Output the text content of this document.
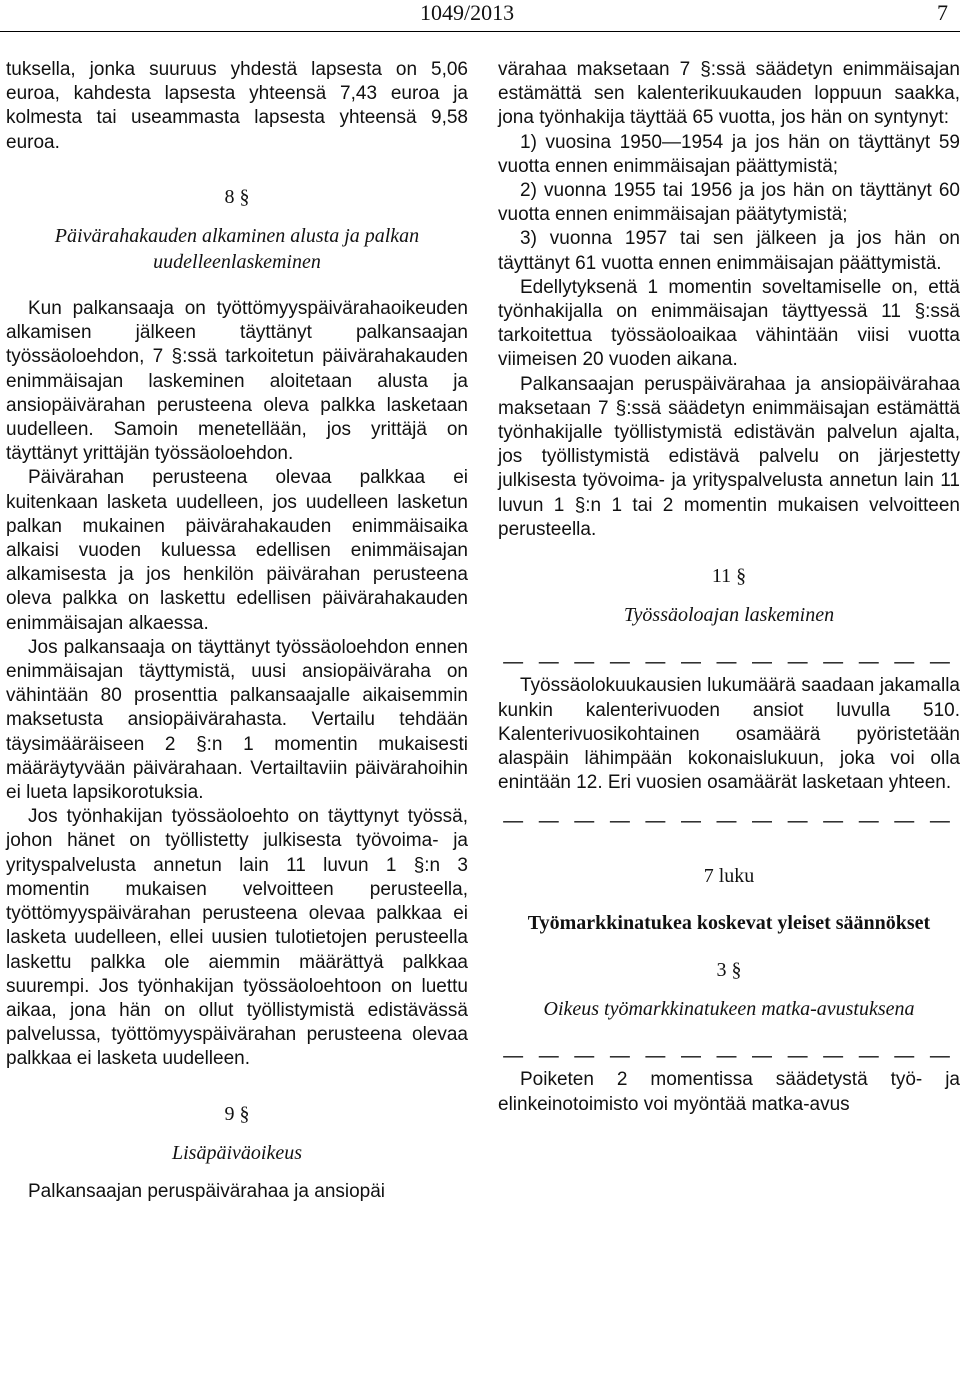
1049/2013	7

tuksella, jonka suuruus yhdestä lapsesta on 5,06 euroa, kahdesta lapsesta yhteensä 7,43 euroa ja kolmesta tai useammasta lapsesta yhteensä 9,58 euroa.

8 §

Päivärahakauden alkaminen alusta ja palkan uudelleenlaskeminen

Kun palkansaaja on työttömyyspäivärahaoikeuden alkamisen jälkeen täyttänyt palkansaajan työssäoloehdon, 7 §:ssä tarkoitetun päivärahakauden enimmäisajan laskeminen aloitetaan alusta ja ansiopäivärahan perusteena oleva palkka lasketaan uudelleen. Samoin menetellään, jos yrittäjä on täyttänyt yrittäjän työssäoloehdon.

Päivärahan perusteena olevaa palkkaa ei kuitenkaan lasketa uudelleen, jos uudelleen lasketun palkan mukainen päivärahakauden enimmäisaika alkaisi vuoden kuluessa edellisen enimmäisajan alkamisesta ja jos henkilön päivärahan perusteena oleva palkka on laskettu edellisen päivärahakauden enimmäisajan alkaessa.

Jos palkansaaja on täyttänyt työssäoloehdon ennen enimmäisajan täyttymistä, uusi ansiopäiväraha on vähintään 80 prosenttia palkansaajalle aikaisemmin maksetusta ansiopäivärahasta. Vertailu tehdään täysimääräiseen 2 §:n 1 momentin mukaisesti määräytyvään päivärahaan. Vertailtaviin päivärahoihin ei lueta lapsikorotuksia.

Jos työnhakijan työssäoloehto on täyttynyt työssä, johon hänet on työllistetty julkisesta työvoima- ja yrityspalvelusta annetun lain 11 luvun 1 §:n 3 momentin mukaisen velvoitteen perusteella, työttömyyspäivärahan perusteena olevaa palkkaa ei lasketa uudelleen, ellei uusien tulotietojen perusteella laskettu palkka ole aiemmin määrättyä palkkaa suurempi. Jos työnhakijan työssäoloehtoon on luettu aikaa, jona hän on ollut työllistymistä edistävässä palvelussa, työttömyyspäivärahan perusteena olevaa palkkaa ei lasketa uudelleen.

9 §

Lisäpäiväoikeus

Palkansaajan peruspäivärahaa ja ansiopäi

värahaa maksetaan 7 §:ssä säädetyn enimmäisajan estämättä sen kalenterikuukauden loppuun saakka, jona työnhakija täyttää 65 vuotta, jos hän on syntynyt:

1) vuosina 1950—1954 ja jos hän on täyttänyt 59 vuotta ennen enimmäisajan päättymistä;

2) vuonna 1955 tai 1956 ja jos hän on täyttänyt 60 vuotta ennen enimmäisajan päätytymistä;

3) vuonna 1957 tai sen jälkeen ja jos hän on täyttänyt 61 vuotta ennen enimmäisajan päättymistä.

Edellytyksenä 1 momentin soveltamiselle on, että työnhakijalla on enimmäisajan täyttyessä 11 §:ssä tarkoitettua työssäoloaikaa vähintään viisi vuotta viimeisen 20 vuoden aikana.

Palkansaajan peruspäivärahaa ja ansiopäivärahaa maksetaan 7 §:ssä säädetyn enimmäisajan estämättä työnhakijalle työllistymistä edistävän palvelun ajalta, jos työllistymistä edistävä palvelu on järjestetty julkisesta työvoima- ja yrityspalvelusta annetun lain 11 luvun 1 §:n 1 tai 2 momentin mukaisen velvoitteen perusteella.

11 §

Työssäoloajan laskeminen

— — — — — — — — — — — — —

Työssäolokuukausien lukumäärä saadaan jakamalla kunkin kalenterivuoden ansiot luvulla 510. Kalenterivuosikohtainen osamäärä pyöristetään alaspäin lähimpään kokonaislukuun, joka voi olla enintään 12. Eri vuosien osamäärät lasketaan yhteen.

— — — — — — — — — — — — —

7 luku

Työmarkkinatukea koskevat yleiset säännökset

3 §

Oikeus työmarkkinatukeen matka-avustuksena

— — — — — — — — — — — — —

Poiketen 2 momentissa säädetystä työ- ja elinkeinotoimisto voi myöntää matka-avus
